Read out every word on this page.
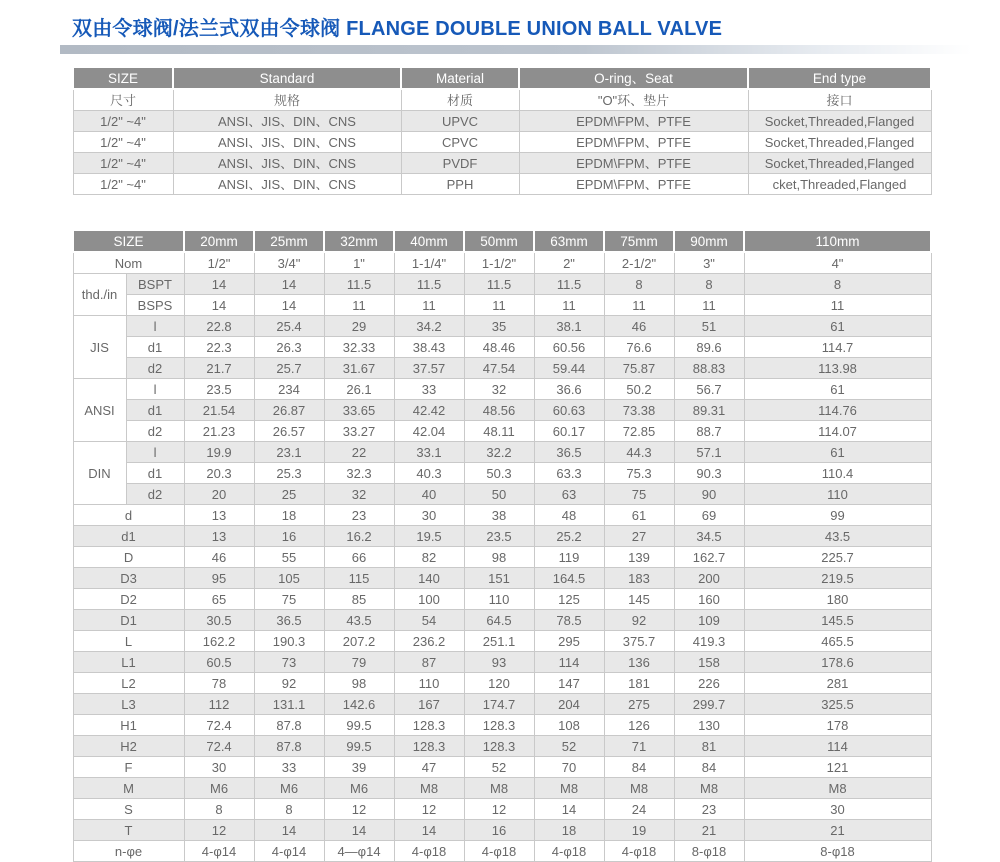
双由令球阀/法兰式双由令球阀 FLANGE DOUBLE UNION BALL VALVE
SIZE	Standard	Material	O-ring、Seat	End type
尺寸	规格	材质	"O"环、垫片	接口
1/2" ~4"	ANSI、JIS、DIN、CNS	UPVC	EPDM\FPM、PTFE	Socket,Threaded,Flanged
1/2" ~4"	ANSI、JIS、DIN、CNS	CPVC	EPDM\FPM、PTFE	Socket,Threaded,Flanged
1/2" ~4"	ANSI、JIS、DIN、CNS	PVDF	EPDM\FPM、PTFE	Socket,Threaded,Flanged
1/2" ~4"	ANSI、JIS、DIN、CNS	PPH	EPDM\FPM、PTFE	cket,Threaded,Flanged
SIZE		20mm	25mm	32mm	40mm	50mm	63mm	75mm	90mm	110mm
Nom		1/2"	3/4"	1"	1-1/4"	1-1/2"	2"	2-1/2"	3"	4"
thd./in	BSPT	14	14	11.5	11.5	11.5	11.5	8	8	8
	BSPS	14	14	11	11	11	11	11	11	11
JIS	l	22.8	25.4	29	34.2	35	38.1	46	51	61
	d1	22.3	26.3	32.33	38.43	48.46	60.56	76.6	89.6	114.7
	d2	21.7	25.7	31.67	37.57	47.54	59.44	75.87	88.83	113.98
ANSI	l	23.5	234	26.1	33	32	36.6	50.2	56.7	61
	d1	21.54	26.87	33.65	42.42	48.56	60.63	73.38	89.31	114.76
	d2	21.23	26.57	33.27	42.04	48.11	60.17	72.85	88.7	114.07
DIN	l	19.9	23.1	22	33.1	32.2	36.5	44.3	57.1	61
	d1	20.3	25.3	32.3	40.3	50.3	63.3	75.3	90.3	110.4
	d2	20	25	32	40	50	63	75	90	110
d		13	18	23	30	38	48	61	69	99
d1		13	16	16.2	19.5	23.5	25.2	27	34.5	43.5
D		46	55	66	82	98	119	139	162.7	225.7
D3		95	105	115	140	151	164.5	183	200	219.5
D2		65	75	85	100	110	125	145	160	180
D1		30.5	36.5	43.5	54	64.5	78.5	92	109	145.5
L		162.2	190.3	207.2	236.2	251.1	295	375.7	419.3	465.5
L1		60.5	73	79	87	93	114	136	158	178.6
L2		78	92	98	110	120	147	181	226	281
L3		112	131.1	142.6	167	174.7	204	275	299.7	325.5
H1		72.4	87.8	99.5	128.3	128.3	108	126	130	178
H2		72.4	87.8	99.5	128.3	128.3	52	71	81	114
F		30	33	39	47	52	70	84	84	121
M		M6	M6	M6	M8	M8	M8	M8	M8	M8
S		8	8	12	12	12	14	24	23	30
T		12	14	14	14	16	18	19	21	21
n-φe		4-φ14	4-φ14	4—φ14	4-φ18	4-φ18	4-φ18	4-φ18	8-φ18	8-φ18
